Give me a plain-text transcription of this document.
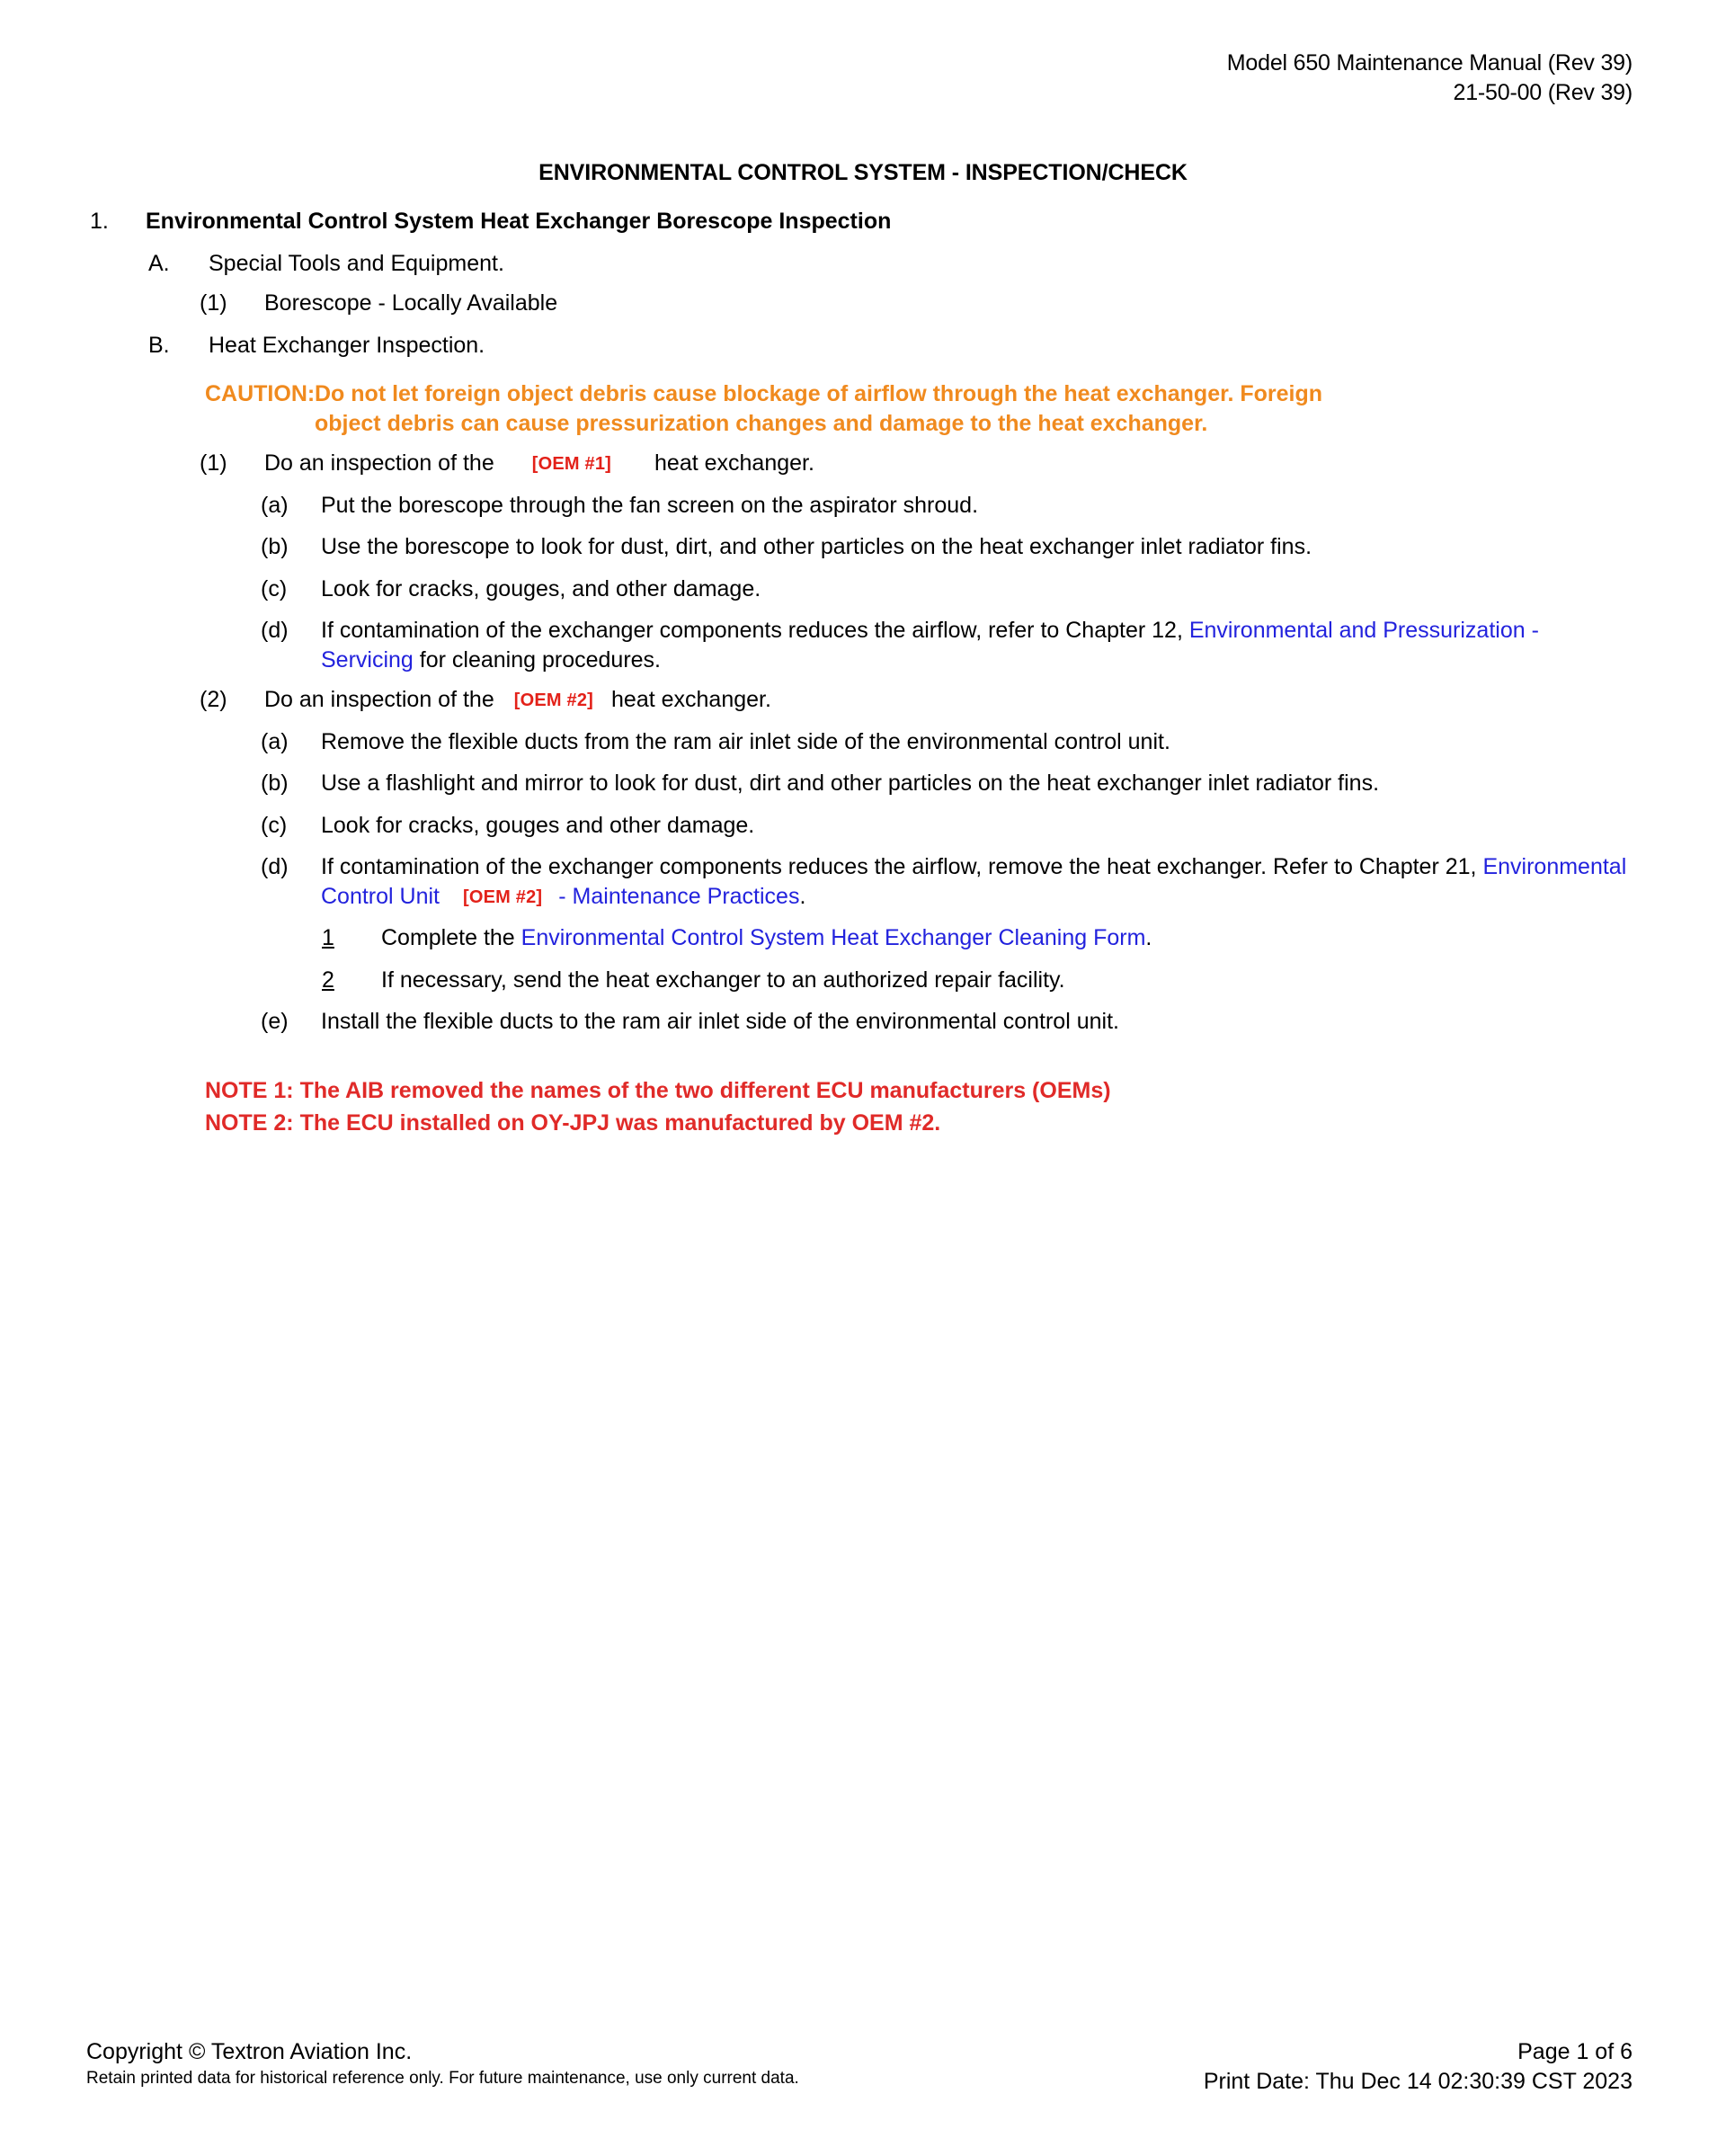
Model 650 Maintenance Manual (Rev 39)
21-50-00 (Rev 39)
ENVIRONMENTAL CONTROL SYSTEM - INSPECTION/CHECK
1.	Environmental Control System Heat Exchanger Borescope Inspection
A.	Special Tools and Equipment.
(1)	Borescope - Locally Available
B.	Heat Exchanger Inspection.
CAUTION: Do not let foreign object debris cause blockage of airflow through the heat exchanger. Foreign object debris can cause pressurization changes and damage to the heat exchanger.
(1)	Do an inspection of the [OEM #1] heat exchanger.
(a)	Put the borescope through the fan screen on the aspirator shroud.
(b)	Use the borescope to look for dust, dirt, and other particles on the heat exchanger inlet radiator fins.
(c)	Look for cracks, gouges, and other damage.
(d)	If contamination of the exchanger components reduces the airflow, refer to Chapter 12, Environmental and Pressurization - Servicing for cleaning procedures.
(2)	Do an inspection of the [OEM #2] heat exchanger.
(a)	Remove the flexible ducts from the ram air inlet side of the environmental control unit.
(b)	Use a flashlight and mirror to look for dust, dirt and other particles on the heat exchanger inlet radiator fins.
(c)	Look for cracks, gouges and other damage.
(d)	If contamination of the exchanger components reduces the airflow, remove the heat exchanger. Refer to Chapter 21, Environmental Control Unit [OEM #2] - Maintenance Practices.
1	Complete the Environmental Control System Heat Exchanger Cleaning Form.
2	If necessary, send the heat exchanger to an authorized repair facility.
(e)	Install the flexible ducts to the ram air inlet side of the environmental control unit.
NOTE 1: The AIB removed the names of the two different ECU manufacturers (OEMs)
NOTE 2: The ECU installed on OY-JPJ was manufactured by OEM #2.
Copyright © Textron Aviation Inc.
Retain printed data for historical reference only. For future maintenance, use only current data.
Page 1 of 6
Print Date: Thu Dec 14 02:30:39 CST 2023
